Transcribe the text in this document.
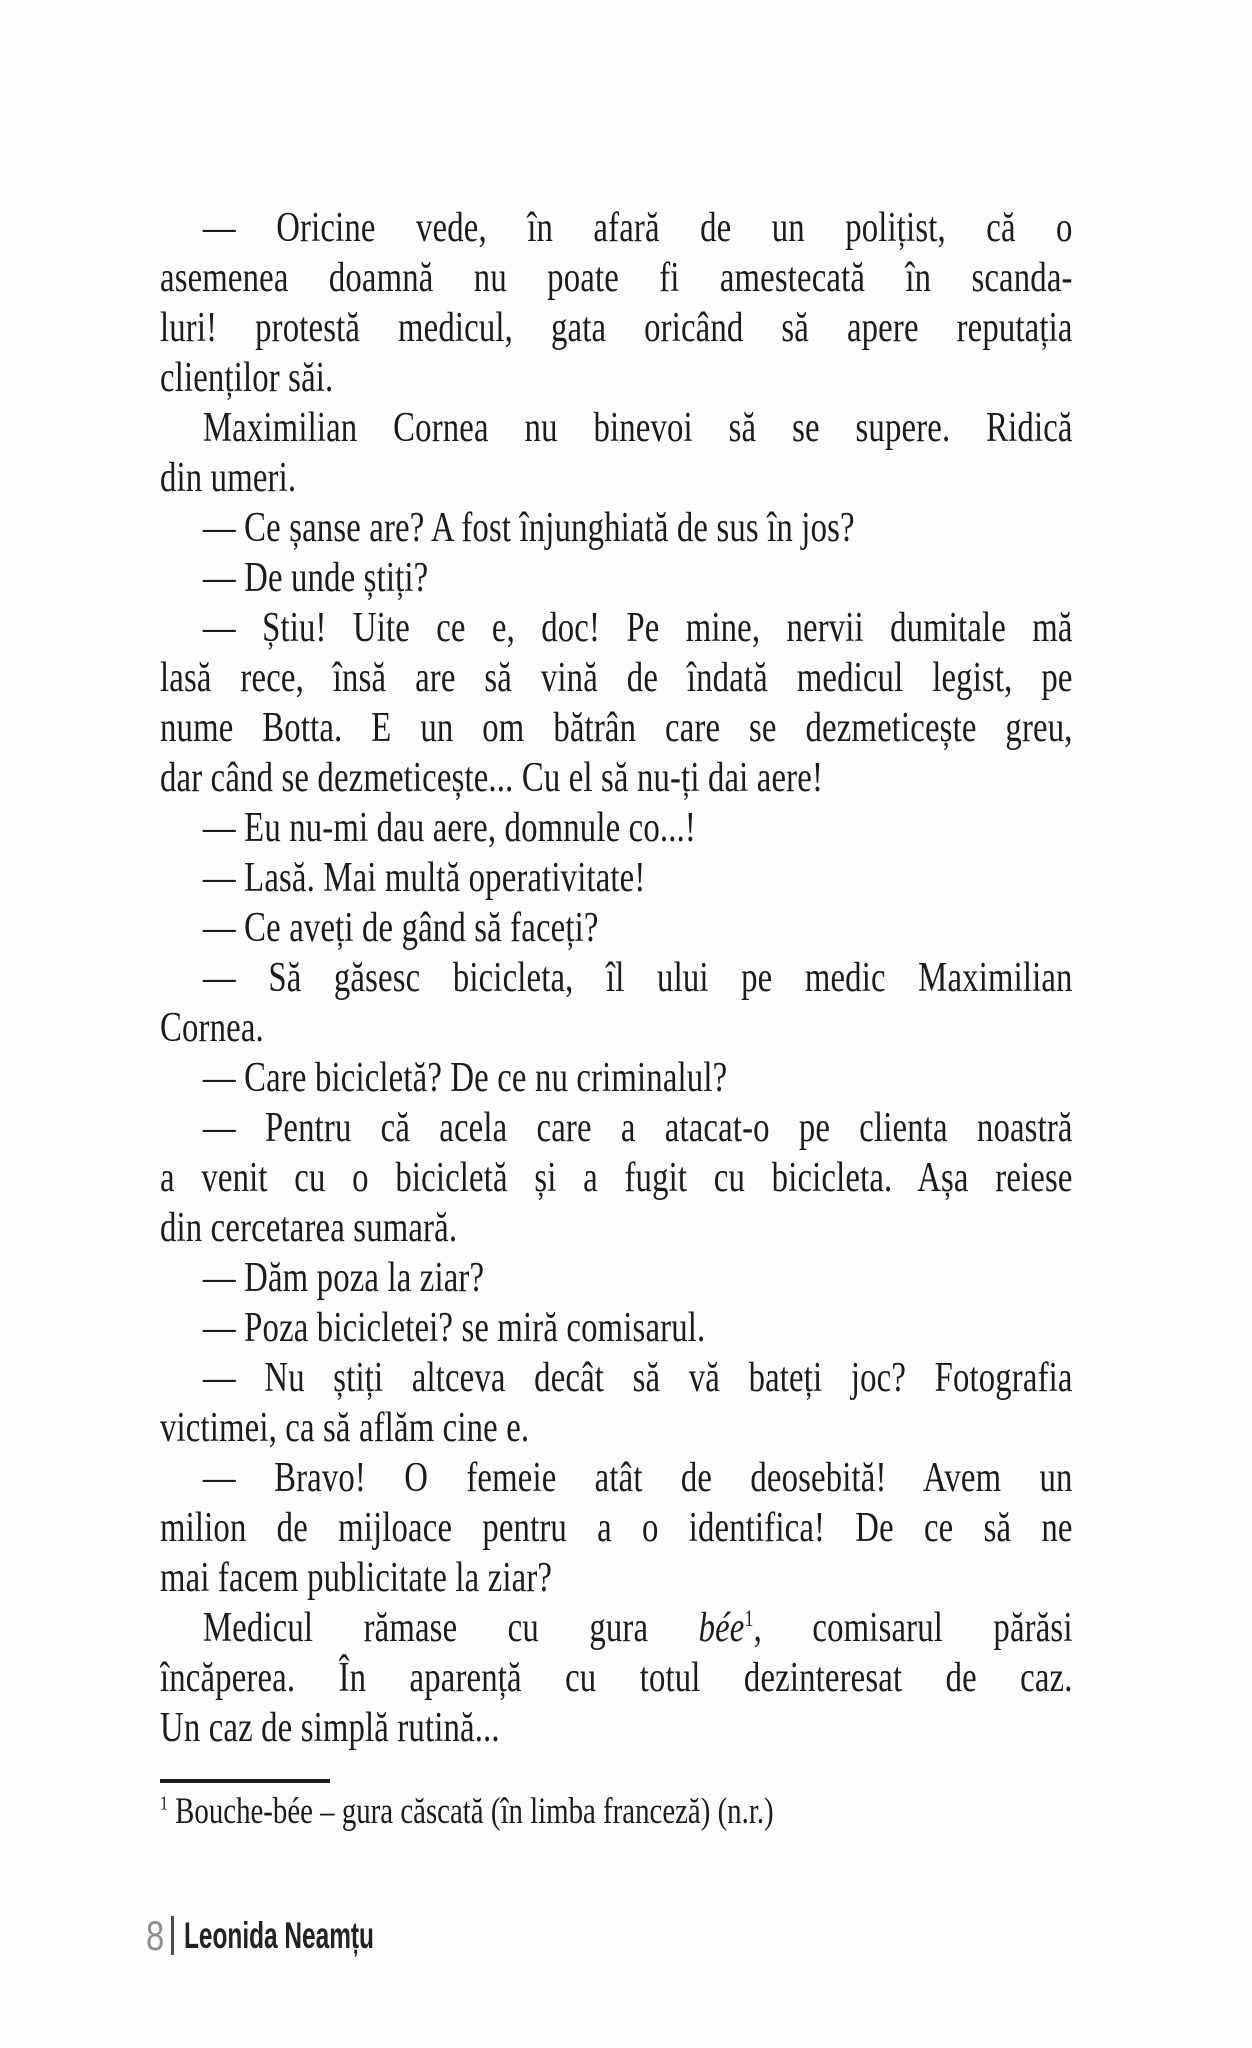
— Oricine vede, în afară de un polițist, că o
asemenea doamnă nu poate fi amestecată în scanda-
luri! protestă medicul, gata oricând să apere reputația
clienților săi.
Maximilian Cornea nu binevoi să se supere. Ridică
din umeri.
— Ce șanse are? A fost înjunghiată de sus în jos?
— De unde știți?
— Știu! Uite ce e, doc! Pe mine, nervii dumitale mă
lasă rece, însă are să vină de îndată medicul legist, pe
nume Botta. E un om bătrân care se dezmeticește greu,
dar când se dezmeticește... Cu el să nu-ți dai aere!
— Eu nu-mi dau aere, domnule co...!
— Lasă. Mai multă operativitate!
— Ce aveți de gând să faceți?
— Să găsesc bicicleta, îl ului pe medic Maximilian
Cornea.
— Care bicicletă? De ce nu criminalul?
— Pentru că acela care a atacat-o pe clienta noastră
a venit cu o bicicletă și a fugit cu bicicleta. Așa reiese
din cercetarea sumară.
— Dăm poza la ziar?
— Poza bicicletei? se miră comisarul.
— Nu știți altceva decât să vă bateți joc? Fotografia
victimei, ca să aflăm cine e.
— Bravo! O femeie atât de deosebită! Avem un
milion de mijloace pentru a o identifica! De ce să ne
mai facem publicitate la ziar?
Medicul rămase cu gura bée$^1$, comisarul părăsi
încăperea. În aparență cu totul dezinteresat de caz.
Un caz de simplă rutină...
$^1$ Bouche-bée – gura căscată (în limba franceză) (n.r.)
8 Leonida Neamțu
